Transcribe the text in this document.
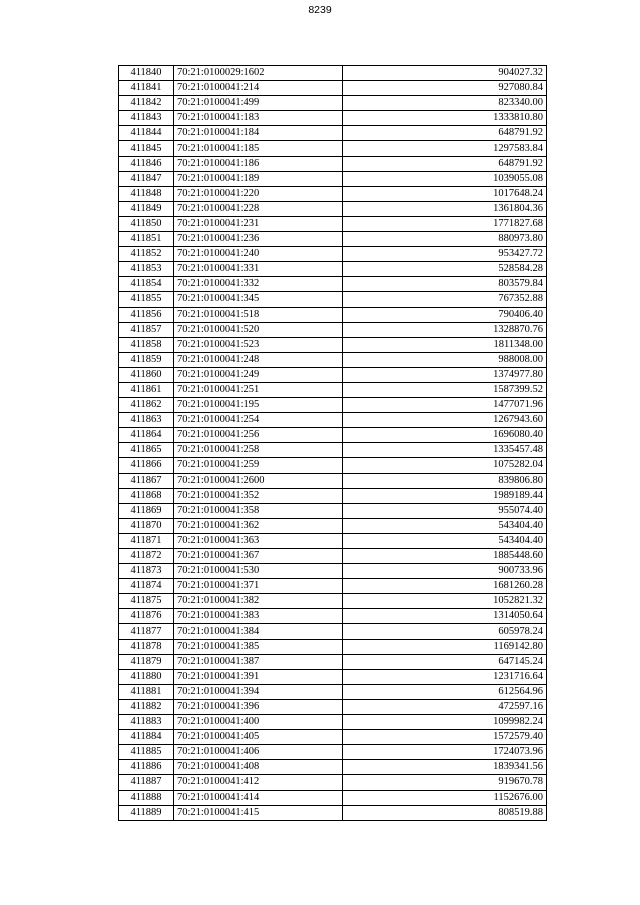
8239
411840	70:21:0100029:1602	904027.32
411841	70:21:0100041:214	927080.84
411842	70:21:0100041:499	823340.00
411843	70:21:0100041:183	1333810.80
411844	70:21:0100041:184	648791.92
411845	70:21:0100041:185	1297583.84
411846	70:21:0100041:186	648791.92
411847	70:21:0100041:189	1039055.08
411848	70:21:0100041:220	1017648.24
411849	70:21:0100041:228	1361804.36
411850	70:21:0100041:231	1771827.68
411851	70:21:0100041:236	880973.80
411852	70:21:0100041:240	953427.72
411853	70:21:0100041:331	528584.28
411854	70:21:0100041:332	803579.84
411855	70:21:0100041:345	767352.88
411856	70:21:0100041:518	790406.40
411857	70:21:0100041:520	1328870.76
411858	70:21:0100041:523	1811348.00
411859	70:21:0100041:248	988008.00
411860	70:21:0100041:249	1374977.80
411861	70:21:0100041:251	1587399.52
411862	70:21:0100041:195	1477071.96
411863	70:21:0100041:254	1267943.60
411864	70:21:0100041:256	1696080.40
411865	70:21:0100041:258	1335457.48
411866	70:21:0100041:259	1075282.04
411867	70:21:0100041:2600	839806.80
411868	70:21:0100041:352	1989189.44
411869	70:21:0100041:358	955074.40
411870	70:21:0100041:362	543404.40
411871	70:21:0100041:363	543404.40
411872	70:21:0100041:367	1885448.60
411873	70:21:0100041:530	900733.96
411874	70:21:0100041:371	1681260.28
411875	70:21:0100041:382	1052821.32
411876	70:21:0100041:383	1314050.64
411877	70:21:0100041:384	605978.24
411878	70:21:0100041:385	1169142.80
411879	70:21:0100041:387	647145.24
411880	70:21:0100041:391	1231716.64
411881	70:21:0100041:394	612564.96
411882	70:21:0100041:396	472597.16
411883	70:21:0100041:400	1099982.24
411884	70:21:0100041:405	1572579.40
411885	70:21:0100041:406	1724073.96
411886	70:21:0100041:408	1839341.56
411887	70:21:0100041:412	919670.78
411888	70:21:0100041:414	1152676.00
411889	70:21:0100041:415	808519.88
